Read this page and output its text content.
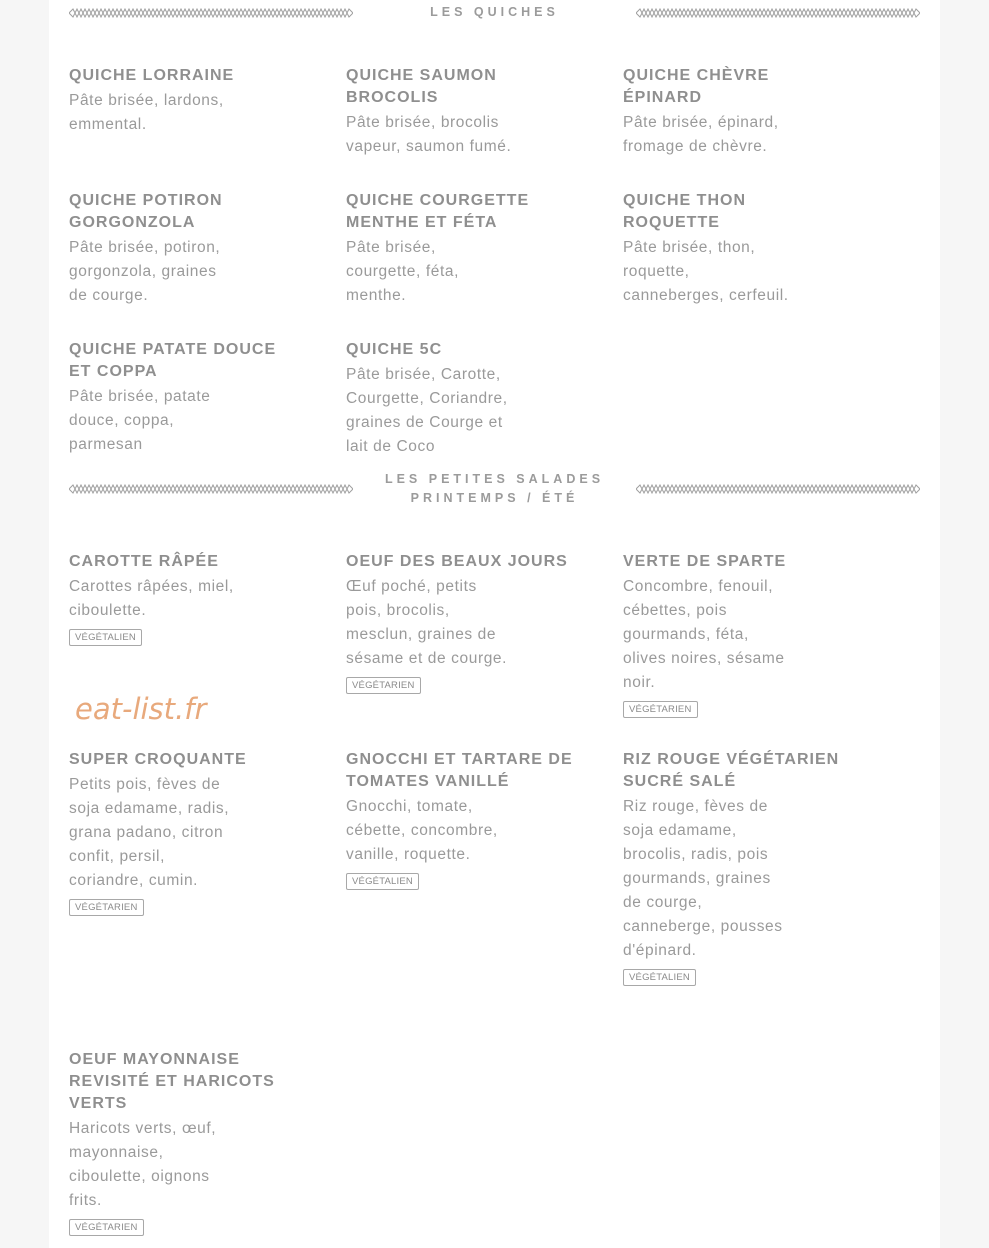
LES QUICHES
QUICHE LORRAINE
Pâte brisée, lardons,
emmental.
QUICHE SAUMON BROCOLIS
Pâte brisée, brocolis
vapeur, saumon fumé.
QUICHE CHÈVRE ÉPINARD
Pâte brisée, épinard,
fromage de chèvre.
QUICHE POTIRON GORGONZOLA
Pâte brisée, potiron,
gorgonzola, graines
de courge.
QUICHE COURGETTE MENTHE ET FÉTA
Pâte brisée,
courgette, féta,
menthe.
QUICHE THON ROQUETTE
Pâte brisée, thon,
roquette,
canneberges, cerfeuil.
QUICHE PATATE DOUCE ET COPPA
Pâte brisée, patate
douce, coppa,
parmesan
QUICHE 5C
Pâte brisée, Carotte,
Courgette, Coriandre,
graines de Courge et
lait de Coco
LES PETITES SALADES
PRINTEMPS / ÉTÉ
CAROTTE RÂPÉE
Carottes râpées, miel,
ciboulette.
VÉGÉTALIEN
OEUF DES BEAUX JOURS
Œuf poché, petits
pois, brocolis,
mesclun, graines de
sésame et de courge.
VÉGÉTARIEN
VERTE DE SPARTE
Concombre, fenouil,
cébettes, pois
gourmands, féta,
olives noires, sésame
noir.
VÉGÉTARIEN
eat-list.fr
SUPER CROQUANTE
Petits pois, fèves de
soja edamame, radis,
grana padano, citron
confit, persil,
coriandre, cumin.
VÉGÉTARIEN
GNOCCHI ET TARTARE DE TOMATES VANILLÉ
Gnocchi, tomate,
cébette, concombre,
vanille, roquette.
VÉGÉTALIEN
RIZ ROUGE VÉGÉTARIEN SUCRÉ SALÉ
Riz rouge, fèves de
soja edamame,
brocolis, radis, pois
gourmands, graines
de courge,
canneberge, pousses
d'épinard.
VÉGÉTALIEN
OEUF MAYONNAISE REVISITÉ ET HARICOTS VERTS
Haricots verts, œuf,
mayonnaise,
ciboulette, oignons
frits.
VÉGÉTARIEN
